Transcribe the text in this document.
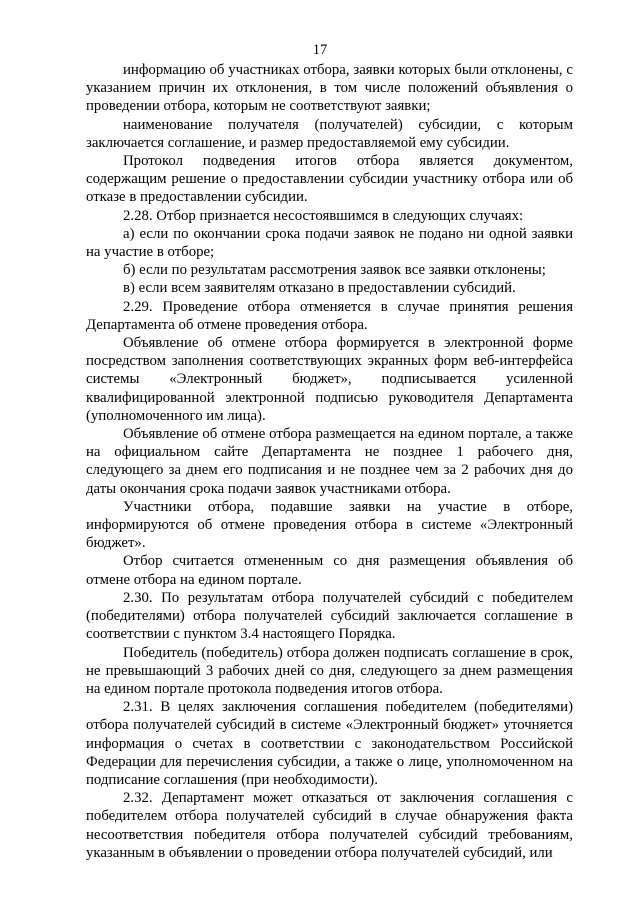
17

информацию об участниках отбора, заявки которых были отклонены, с указанием причин их отклонения, в том числе положений объявления о проведении отбора, которым не соответствуют заявки;

наименование получателя (получателей) субсидии, с которым заключается соглашение, и размер предоставляемой ему субсидии.

Протокол подведения итогов отбора является документом, содержащим решение о предоставлении субсидии участнику отбора или об отказе в предоставлении субсидии.

2.28. Отбор признается несостоявшимся в следующих случаях:

а) если по окончании срока подачи заявок не подано ни одной заявки на участие в отборе;

б) если по результатам рассмотрения заявок все заявки отклонены;

в) если всем заявителям отказано в предоставлении субсидий.

2.29. Проведение отбора отменяется в случае принятия решения Департамента об отмене проведения отбора.

Объявление об отмене отбора формируется в электронной форме посредством заполнения соответствующих экранных форм веб-интерфейса системы «Электронный бюджет», подписывается усиленной квалифицированной электронной подписью руководителя Департамента (уполномоченного им лица).

Объявление об отмене отбора размещается на едином портале, а также на официальном сайте Департамента не позднее 1 рабочего дня, следующего за днем его подписания и не позднее чем за 2 рабочих дня до даты окончания срока подачи заявок участниками отбора.

Участники отбора, подавшие заявки на участие в отборе, информируются об отмене проведения отбора в системе «Электронный бюджет».

Отбор считается отмененным со дня размещения объявления об отмене отбора на едином портале.

2.30. По результатам отбора получателей субсидий с победителем (победителями) отбора получателей субсидий заключается соглашение в соответствии с пунктом 3.4 настоящего Порядка.

Победитель (победитель) отбора должен подписать соглашение в срок, не превышающий 3 рабочих дней со дня, следующего за днем размещения на едином портале протокола подведения итогов отбора.

2.31. В целях заключения соглашения победителем (победителями) отбора получателей субсидий в системе «Электронный бюджет» уточняется информация о счетах в соответствии с законодательством Российской Федерации для перечисления субсидии, а также о лице, уполномоченном на подписание соглашения (при необходимости).

2.32. Департамент может отказаться от заключения соглашения с победителем отбора получателей субсидий в случае обнаружения факта несоответствия победителя отбора получателей субсидий требованиям, указанным в объявлении о проведении отбора получателей субсидий, или
